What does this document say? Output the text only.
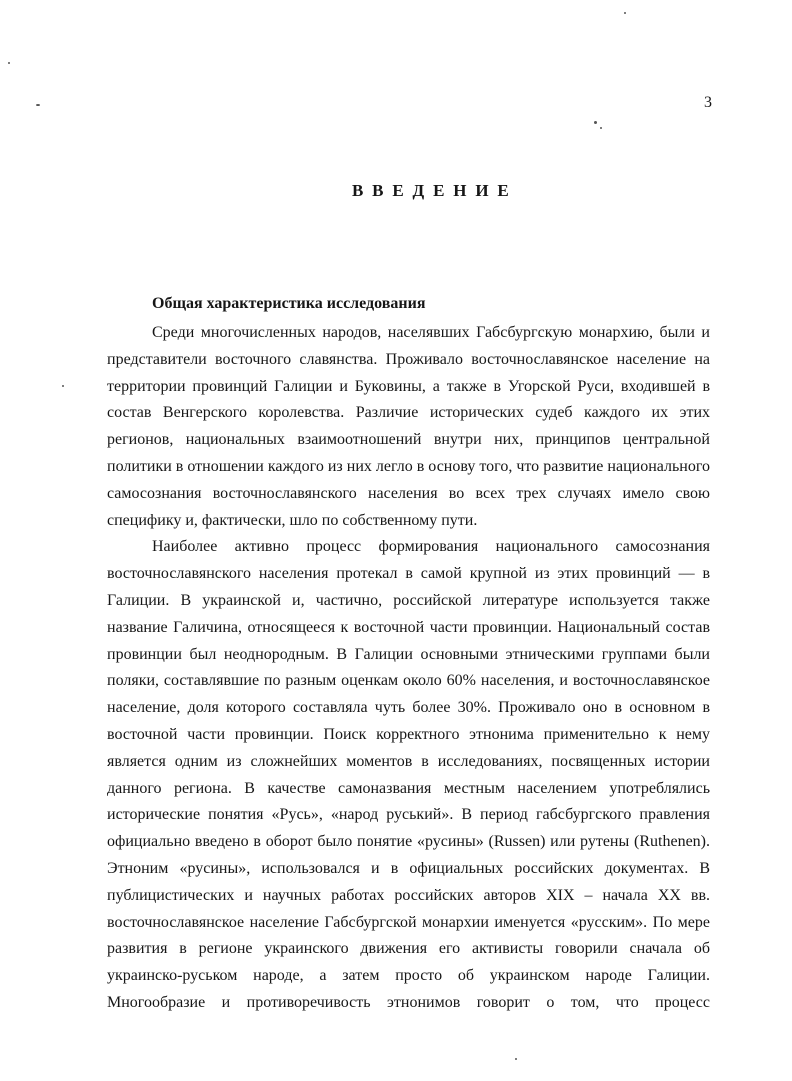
3
ВВЕДЕНИЕ
Общая характеристика исследования

Среди многочисленных народов, населявших Габсбургскую монархию, были и представители восточного славянства. Проживало восточнославянское население на территории провинций Галиции и Буковины, а также в Угорской Руси, входившей в состав Венгерского королевства. Различие исторических судеб каждого их этих регионов, национальных взаимоотношений внутри них, принципов центральной политики в отношении каждого из них легло в основу того, что развитие национального самосознания восточнославянского населения во всех трех случаях имело свою специфику и, фактически, шло по собственному пути.

Наиболее активно процесс формирования национального самосознания восточнославянского населения протекал в самой крупной из этих провинций — в Галиции. В украинской и, частично, российской литературе используется также название Галичина, относящееся к восточной части провинции. Национальный состав провинции был неоднородным. В Галиции основными этническими группами были поляки, составлявшие по разным оценкам около 60% населения, и восточнославянское население, доля которого составляла чуть более 30%. Проживало оно в основном в восточной части провинции. Поиск корректного этнонима применительно к нему является одним из сложнейших моментов в исследованиях, посвященных истории данного региона. В качестве самоназвания местным населением употреблялись исторические понятия «Русь», «народ руський». В период габсбургского правления официально введено в оборот было понятие «русины» (Russen) или рутены (Ruthenen). Этноним «русины», использовался и в официальных российских документах. В публицистических и научных работах российских авторов XIX – начала XX вв. восточнославянское население Габсбургской монархии именуется «русским». По мере развития в регионе украинского движения его активисты говорили сначала об украинско-руськом народе, а затем просто об украинском народе Галиции. Многообразие и противоречивость этнонимов говорит о том, что процесс
